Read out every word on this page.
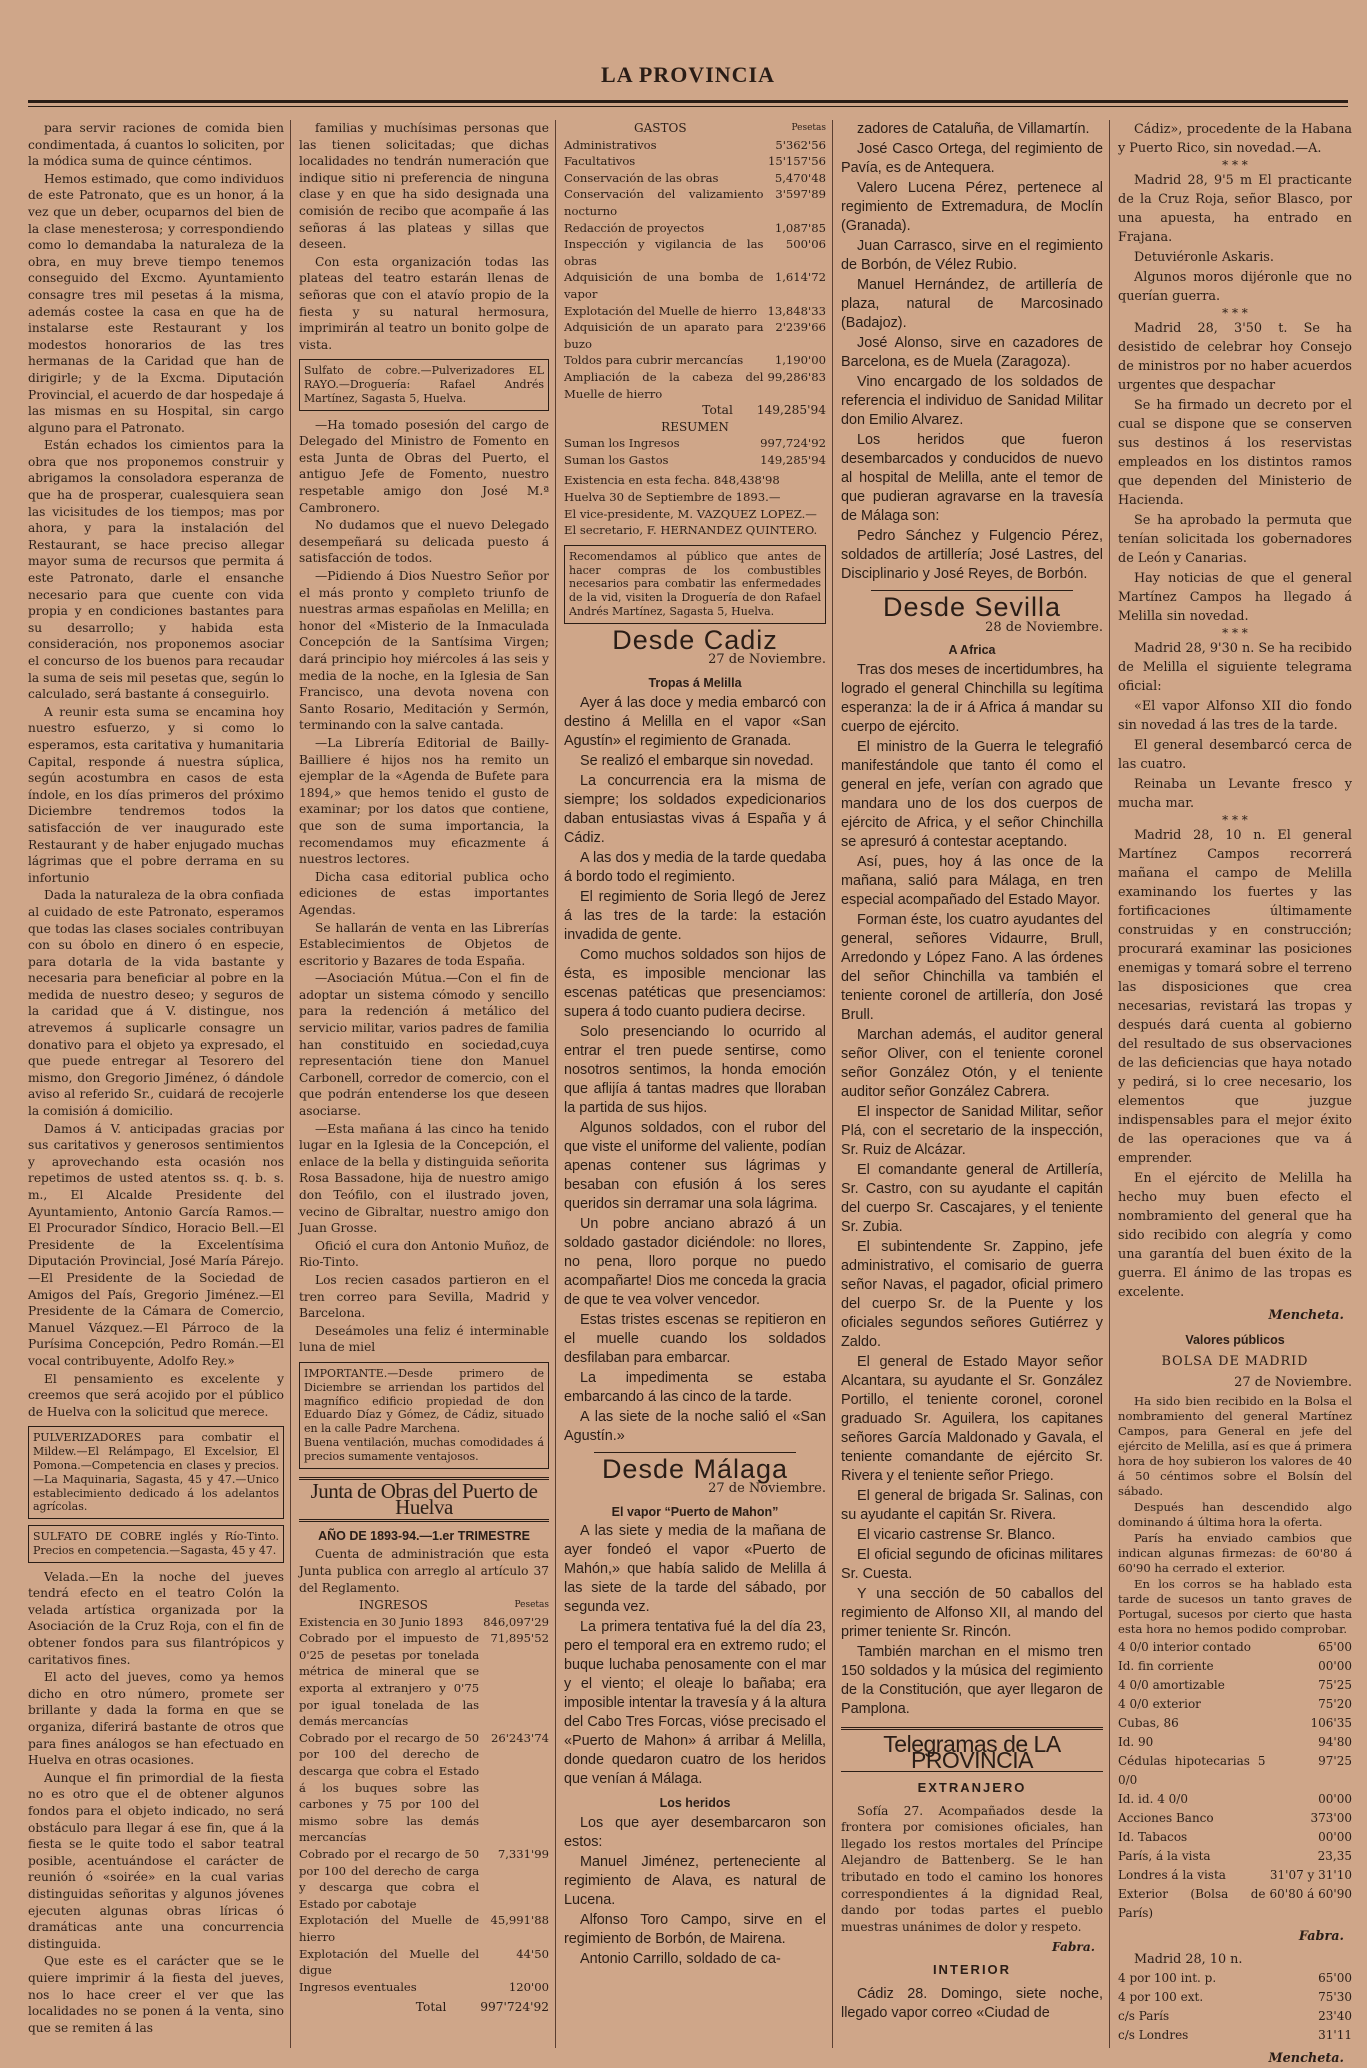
LA PROVINCIA

para servir raciones de comida bien condimentada, á cuantos lo soliciten, por la módica suma de quince céntimos.

Hemos estimado, que como individuos de este Patronato, que es un honor, á la vez que un deber, ocuparnos del bien de la clase menesterosa; y correspondiendo como lo demandaba la naturaleza de la obra, en muy breve tiempo tenemos conseguido del Excmo. Ayuntamiento consagre tres mil pesetas á la misma, además costee la casa en que ha de instalarse este Restaurant y los modestos honorarios de las tres hermanas de la Caridad que han de dirigirle; y de la Excma. Diputación Provincial, el acuerdo de dar hospedaje á las mismas en su Hospital, sin cargo alguno para el Patronato.

Están echados los cimientos para la obra que nos proponemos construir y abrigamos la consoladora esperanza de que ha de prosperar, cualesquiera sean las vicisitudes de los tiempos; mas por ahora, y para la instalación del Restaurant, se hace preciso allegar mayor suma de recursos que permita á este Patronato, darle el ensanche necesario para que cuente con vida propia y en condiciones bastantes para su desarrollo; y habida esta consideración, nos proponemos asociar el concurso de los buenos para recaudar la suma de seis mil pesetas que, según lo calculado, será bastante á conseguirlo.

A reunir esta suma se encamina hoy nuestro esfuerzo, y si como lo esperamos, esta caritativa y humanitaria Capital, responde á nuestra súplica, según acostumbra en casos de esta índole, en los días primeros del próximo Diciembre tendremos todos la satisfacción de ver inaugurado este Restaurant y de haber enjugado muchas lágrimas que el pobre derrama en su infortunio

Dada la naturaleza de la obra confiada al cuidado de este Patronato, esperamos que todas las clases sociales contribuyan con su óbolo en dinero ó en especie, para dotarla de la vida bastante y necesaria para beneficiar al pobre en la medida de nuestro deseo; y seguros de la caridad que á V. distingue, nos atrevemos á suplicarle consagre un donativo para el objeto ya expresado, el que puede entregar al Tesorero del mismo, don Gregorio Jiménez, ó dándole aviso al referido Sr., cuidará de recojerle la comisión á domicilio.

Damos á V. anticipadas gracias por sus caritativos y generosos sentimientos y aprovechando esta ocasión nos repetimos de usted atentos ss. q. b. s. m., El Alcalde Presidente del Ayuntamiento, Antonio García Ramos.—El Procurador Síndico, Horacio Bell.—El Presidente de la Excelentísima Diputación Provincial, José María Párejo.—El Presidente de la Sociedad de Amigos del País, Gregorio Jiménez.—El Presidente de la Cámara de Comercio, Manuel Vázquez.—El Párroco de la Purísima Concepción, Pedro Román.—El vocal contribuyente, Adolfo Rey.»

El pensamiento es excelente y creemos que será acojido por el público de Huelva con la solicitud que merece.

PULVERIZADORES para combatir el Mildew.—El Relámpago, El Excelsior, El Pomona.—Competencia en clases y precios.—La Maquinaria, Sagasta, 45 y 47.—Unico establecimiento dedicado á los adelantos agrícolas.
SULFATO DE COBRE inglés y Río-Tinto. Precios en competencia.—Sagasta, 45 y 47.

Velada.—En la noche del jueves tendrá efecto en el teatro Colón la velada artística organizada por la Asociación de la Cruz Roja, con el fin de obtener fondos para sus filantrópicos y caritativos fines.

El acto del jueves, como ya hemos dicho en otro número, promete ser brillante y dada la forma en que se organiza, diferirá bastante de otros que para fines análogos se han efectuado en Huelva en otras ocasiones.

Aunque el fin primordial de la fiesta no es otro que el de obtener algunos fondos para el objeto indicado, no será obstáculo para llegar á ese fin, que á la fiesta se le quite todo el sabor teatral posible, acentuándose el carácter de reunión ó «soirée» en la cual varias distinguidas señoritas y algunos jóvenes ejecuten algunas obras líricas ó dramáticas ante una concurrencia distinguida.

Que este es el carácter que se le quiere imprimir á la fiesta del jueves, nos lo hace creer el ver que las localidades no se ponen á la venta, sino que se remiten á las

familias y muchísimas personas que las tienen solicitadas; que dichas localidades no tendrán numeración que indique sitio ni preferencia de ninguna clase y en que ha sido designada una comisión de recibo que acompañe á las señoras á las plateas y sillas que deseen.

Con esta organización todas las plateas del teatro estarán llenas de señoras que con el atavío propio de la fiesta y su natural hermosura, imprimirán al teatro un bonito golpe de vista.

Sulfato de cobre.—Pulverizadores EL RAYO.—Droguería: Rafael Andrés Martínez, Sagasta 5, Huelva.

—Ha tomado posesión del cargo de Delegado del Ministro de Fomento en esta Junta de Obras del Puerto, el antiguo Jefe de Fomento, nuestro respetable amigo don José M.ª Cambronero.

No dudamos que el nuevo Delegado desempeñará su delicada puesto á satisfacción de todos.

—Pidiendo á Dios Nuestro Señor por el más pronto y completo triunfo de nuestras armas españolas en Melilla; en honor del «Misterio de la Inmaculada Concepción de la Santísima Virgen; dará principio hoy miércoles á las seis y media de la noche, en la Iglesia de San Francisco, una devota novena con Santo Rosario, Meditación y Sermón, terminando con la salve cantada.

—La Librería Editorial de Bailly-Bailliere é hijos nos ha remito un ejemplar de la «Agenda de Bufete para 1894,» que hemos tenido el gusto de examinar; por los datos que contiene, que son de suma importancia, la recomendamos muy eficazmente á nuestros lectores.

Dicha casa editorial publica ocho ediciones de estas importantes Agendas.

Se hallarán de venta en las Librerías Establecimientos de Objetos de escritorio y Bazares de toda España.

—Asociación Mútua.—Con el fin de adoptar un sistema cómodo y sencillo para la redención á metálico del servicio militar, varios padres de familia han constituido en sociedad,cuya representación tiene don Manuel Carbonell, corredor de comercio, con el que podrán entenderse los que deseen asociarse.

—Esta mañana á las cinco ha tenido lugar en la Iglesia de la Concepción, el enlace de la bella y distinguida señorita Rosa Bassadone, hija de nuestro amigo don Teófilo, con el ilustrado joven, vecino de Gibraltar, nuestro amigo don Juan Grosse.

Ofició el cura don Antonio Muñoz, de Rio-Tinto.

Los recien casados partieron en el tren correo para Sevilla, Madrid y Barcelona.

Deseámoles una feliz é interminable luna de miel

IMPORTANTE.—Desde primero de Diciembre se arriendan los partidos del magnífico edificio propiedad de don Eduardo Díaz y Gómez, de Cádiz, situado en la calle Padre Marchena.
Buena ventilación, muchas comodidades á precios sumamente ventajosos.
Junta de Obras del Puerto de Huelva
AÑO DE 1893-94.—1.er TRIMESTRE

Cuenta de administración que esta Junta publica con arreglo al artículo 37 del Reglamento.

INGRESOS	Pesetas
Existencia en 30 Junio 1893	846,097'29
Cobrado por el impuesto de 0'25 de pesetas por tonelada métrica de mineral que se exporta al extranjero y 0'75 por igual tonelada de las demás mercancías	71,895'52
Cobrado por el recargo de 50 por 100 del derecho de descarga que cobra el Estado á los buques sobre las carbones y 75 por 100 del mismo sobre las demás mercancías	26'243'74
Cobrado por el recargo de 50 por 100 del derecho de carga y descarga que cobra el Estado por cabotaje	7,331'99
Explotación del Muelle de hierro	45,991'88
Explotación del Muelle del digue	44'50
Ingresos eventuales	120'00
Total	997'724'92
GASTOS	Pesetas
Administrativos	5'362'56
Facultativos	15'157'56
Conservación de las obras	5,470'48
Conservación del valizamiento nocturno	3'597'89
Redacción de proyectos	1,087'85
Inspección y vigilancia de las obras	500'06
Adquisición de una bomba de vapor	1,614'72
Explotación del Muelle de hierro	13,848'33
Adquisición de un aparato para buzo	2'239'66
Toldos para cubrir mercancías	1,190'00
Ampliación de la cabeza del Muelle de hierro	99,286'83
Total 149,285'94
RESUMEN
Suman los Ingresos	997,724'92
Suman los Gastos	149,285'94
Existencia en esta fecha. 848,438'98
Huelva 30 de Septiembre de 1893.—
El vice-presidente, M. VAZQUEZ LOPEZ.—
El secretario, F. HERNANDEZ QUINTERO.
Recomendamos al público que antes de hacer compras de los combustibles necesarios para combatir las enfermedades de la vid, visiten la Droguería de don Rafael Andrés Martínez, Sagasta 5, Huelva.
Desde Cadiz
27 de Noviembre.
Tropas á Melilla

Ayer á las doce y media embarcó con destino á Melilla en el vapor «San Agustín» el regimiento de Granada.

Se realizó el embarque sin novedad.

La concurrencia era la misma de siempre; los soldados expedicionarios daban entusiastas vivas á España y á Cádiz.

A las dos y media de la tarde quedaba á bordo todo el regimiento.

El regimiento de Soria llegó de Jerez á las tres de la tarde: la estación invadida de gente.

Como muchos soldados son hijos de ésta, es imposible mencionar las escenas patéticas que presenciamos: supera á todo cuanto pudiera decirse.

Solo presenciando lo ocurrido al entrar el tren puede sentirse, como nosotros sentimos, la honda emoción que aflijía á tantas madres que lloraban la partida de sus hijos.

Algunos soldados, con el rubor del que viste el uniforme del valiente, podían apenas contener sus lágrimas y besaban con efusión á los seres queridos sin derramar una sola lágrima.

Un pobre anciano abrazó á un soldado gastador diciéndole: no llores, no pena, lloro porque no puedo acompañarte! Dios me conceda la gracia de que te vea volver vencedor.

Estas tristes escenas se repitieron en el muelle cuando los soldados desfilaban para embarcar.

La impedimenta se estaba embarcando á las cinco de la tarde.

A las siete de la noche salió el «San Agustín.»

Desde Málaga
27 de Noviembre.
El vapor “Puerto de Mahon”

A las siete y media de la mañana de ayer fondeó el vapor «Puerto de Mahón,» que había salido de Melilla á las siete de la tarde del sábado, por segunda vez.

La primera tentativa fué la del día 23, pero el temporal era en extremo rudo; el buque luchaba penosamente con el mar y el viento; el oleaje lo bañaba; era imposible intentar la travesía y á la altura del Cabo Tres Forcas, vióse precisado el «Puerto de Mahon» á arribar á Melilla, donde quedaron cuatro de los heridos que venían á Málaga.

Los heridos

Los que ayer desembarcaron son estos:

Manuel Jiménez, perteneciente al regimiento de Alava, es natural de Lucena.

Alfonso Toro Campo, sirve en el regimiento de Borbón, de Mairena.

Antonio Carrillo, soldado de ca-

zadores de Cataluña, de Villamartín.

José Casco Ortega, del regimiento de Pavía, es de Antequera.

Valero Lucena Pérez, pertenece al regimiento de Extremadura, de Moclín (Granada).

Juan Carrasco, sirve en el regimiento de Borbón, de Vélez Rubio.

Manuel Hernández, de artillería de plaza, natural de Marcosinado (Badajoz).

José Alonso, sirve en cazadores de Barcelona, es de Muela (Zaragoza).

Vino encargado de los soldados de referencia el individuo de Sanidad Militar don Emilio Alvarez.

Los heridos que fueron desembarcados y conducidos de nuevo al hospital de Melilla, ante el temor de que pudieran agravarse en la travesía de Málaga son:

Pedro Sánchez y Fulgencio Pérez, soldados de artillería; José Lastres, del Disciplinario y José Reyes, de Borbón.

Desde Sevilla
28 de Noviembre.
A Africa

Tras dos meses de incertidumbres, ha logrado el general Chinchilla su legítima esperanza: la de ir á Africa á mandar su cuerpo de ejército.

El ministro de la Guerra le telegrafió manifestándole que tanto él como el general en jefe, verían con agrado que mandara uno de los dos cuerpos de ejército de Africa, y el señor Chinchilla se apresuró á contestar aceptando.

Así, pues, hoy á las once de la mañana, salió para Málaga, en tren especial acompañado del Estado Mayor.

Forman éste, los cuatro ayudantes del general, señores Vidaurre, Brull, Arredondo y López Fano. A las órdenes del señor Chinchilla va también el teniente coronel de artillería, don José Brull.

Marchan además, el auditor general señor Oliver, con el teniente coronel señor González Otón, y el teniente auditor señor González Cabrera.

El inspector de Sanidad Militar, señor Plá, con el secretario de la inspección, Sr. Ruiz de Alcázar.

El comandante general de Artillería, Sr. Castro, con su ayudante el capitán del cuerpo Sr. Cascajares, y el teniente Sr. Zubia.

El subintendente Sr. Zappino, jefe administrativo, el comisario de guerra señor Navas, el pagador, oficial primero del cuerpo Sr. de la Puente y los oficiales segundos señores Gutiérrez y Zaldo.

El general de Estado Mayor señor Alcantara, su ayudante el Sr. González Portillo, el teniente coronel, coronel graduado Sr. Aguilera, los capitanes señores García Maldonado y Gavala, el teniente comandante de ejército Sr. Rivera y el teniente señor Priego.

El general de brigada Sr. Salinas, con su ayudante el capitán Sr. Rivera.

El vicario castrense Sr. Blanco.

El oficial segundo de oficinas militares Sr. Cuesta.

Y una sección de 50 caballos del regimiento de Alfonso XII, al mando del primer teniente Sr. Rincón.

También marchan en el mismo tren 150 soldados y la música del regimiento de la Constitución, que ayer llegaron de Pamplona.

Telegramas de LA PROVINCIA
EXTRANJERO

Sofía 27. Acompañados desde la frontera por comisiones oficiales, han llegado los restos mortales del Príncipe Alejandro de Battenberg. Se le han tributado en todo el camino los honores correspondientes á la dignidad Real, dando por todas partes el pueblo muestras unánimes de dolor y respeto.

Fabra.
INTERIOR

Cádiz 28. Domingo, siete noche, llegado vapor correo «Ciudad de

Cádiz», procedente de la Habana y Puerto Rico, sin novedad.—A.

* * *

Madrid 28, 9'5 m El practicante de la Cruz Roja, señor Blasco, por una apuesta, ha entrado en Frajana.

Detuviéronle Askaris.

Algunos moros dijéronle que no querían guerra.

* * *

Madrid 28, 3'50 t. Se ha desistido de celebrar hoy Consejo de ministros por no haber acuerdos urgentes que despachar

Se ha firmado un decreto por el cual se dispone que se conserven sus destinos á los reservistas empleados en los distintos ramos que dependen del Ministerio de Hacienda.

Se ha aprobado la permuta que tenían solicitada los gobernadores de León y Canarias.

Hay noticias de que el general Martínez Campos ha llegado á Melilla sin novedad.

* * *

Madrid 28, 9'30 n. Se ha recibido de Melilla el siguiente telegrama oficial:

«El vapor Alfonso XII dio fondo sin novedad á las tres de la tarde.

El general desembarcó cerca de las cuatro.

Reinaba un Levante fresco y mucha mar.

* * *

Madrid 28, 10 n. El general Martínez Campos recorrerá mañana el campo de Melilla examinando los fuertes y las fortificaciones últimamente construidas y en construcción; procurará examinar las posiciones enemigas y tomará sobre el terreno las disposiciones que crea necesarias, revistará las tropas y después dará cuenta al gobierno del resultado de sus observaciones de las deficiencias que haya notado y pedirá, si lo cree necesario, los elementos que juzgue indispensables para el mejor éxito de las operaciones que va á emprender.

En el ejército de Melilla ha hecho muy buen efecto el nombramiento del general que ha sido recibido con alegría y como una garantía del buen éxito de la guerra. El ánimo de las tropas es excelente.

Mencheta.
Valores públicos
BOLSA DE MADRID
27 de Noviembre.

Ha sido bien recibido en la Bolsa el nombramiento del general Martínez Campos, para General en jefe del ejército de Melilla, así es que á primera hora de hoy subieron los valores de 40 á 50 céntimos sobre el Bolsín del sábado.

Después han descendido algo dominando á última hora la oferta.

París ha enviado cambios que indican algunas firmezas: de 60'80 á 60'90 ha cerrado el exterior.

En los corros se ha hablado esta tarde de sucesos un tanto graves de Portugal, sucesos por cierto que hasta esta hora no hemos podido comprobar.

4 0/0 interior contado	65'00
Id. fin corriente	00'00
4 0/0 amortizable	75'25
4 0/0 exterior	75'20
Cubas, 86	106'35
Id. 90	94'80
Cédulas hipotecarias 5 0/0	97'25
Id. id. 4 0/0	00'00
Acciones Banco	373'00
Id. Tabacos	00'00
París, á la vista	23,35
Londres á la vista	31'07 y 31'10
Exterior (Bolsa de París)	60'80 á 60'90
Fabra.
Madrid 28, 10 n.
4 por 100 int. p.	65'00
4 por 100 ext.	75'30
c/s París	23'40
c/s Londres	31'11
Mencheta.
